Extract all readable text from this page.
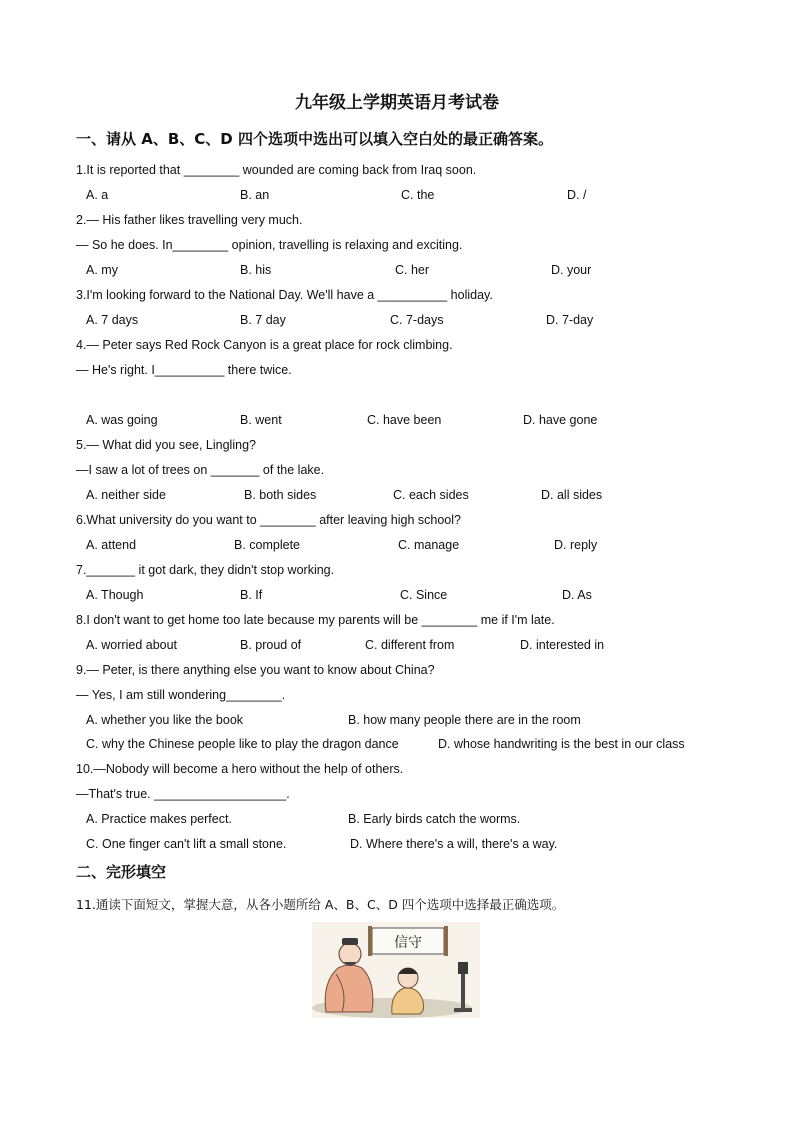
九年级上学期英语月考试卷
一、请从 A、B、C、D 四个选项中选出可以填入空白处的最正确答案。
1.It is reported that ________ wounded are coming back from Iraq soon.
A. a	B. an	C. the	D. /
2.— His father likes travelling very much.
— So he does. In________ opinion, travelling is relaxing and exciting.
A. my	B. his	C. her	D. your
3.I'm looking forward to the National Day. We'll have a __________ holiday.
A. 7 days	B. 7 day	C. 7-days	D. 7-day
4.— Peter says Red Rock Canyon is a great place for rock climbing.
— He's right. I__________ there twice.
A. was going	B. went	C. have been	D. have gone
5.— What did you see, Lingling?
—I saw a lot of trees on _______ of the lake.
A. neither side	B. both sides	C. each sides	D. all sides
6.What university do you want to ________ after leaving high school?
A. attend	B. complete	C. manage	D. reply
7._______ it got dark, they didn't stop working.
A. Though	B. If	C. Since	D. As
8.I don't want to get home too late because my parents will be ________ me if I'm late.
A. worried about	B. proud of	C. different from	D. interested in
9.— Peter, is there anything else you want to know about China?
— Yes, I am still wondering________.
A. whether you like the book	B. how many people there are in the room
C. why the Chinese people like to play the dragon dance	D. whose handwriting is the best in our class
10.—Nobody will become a hero without the help of others.
—That's true. ___________________.
A. Practice makes perfect.	B. Early birds catch the worms.
C. One finger can't lift a small stone.	D. Where there's a will, there's a way.
二、完形填空
11.通读下面短文，掌握大意，从各小题所给 A、B、C、D 四个选项中选择最正确选项。
信守
